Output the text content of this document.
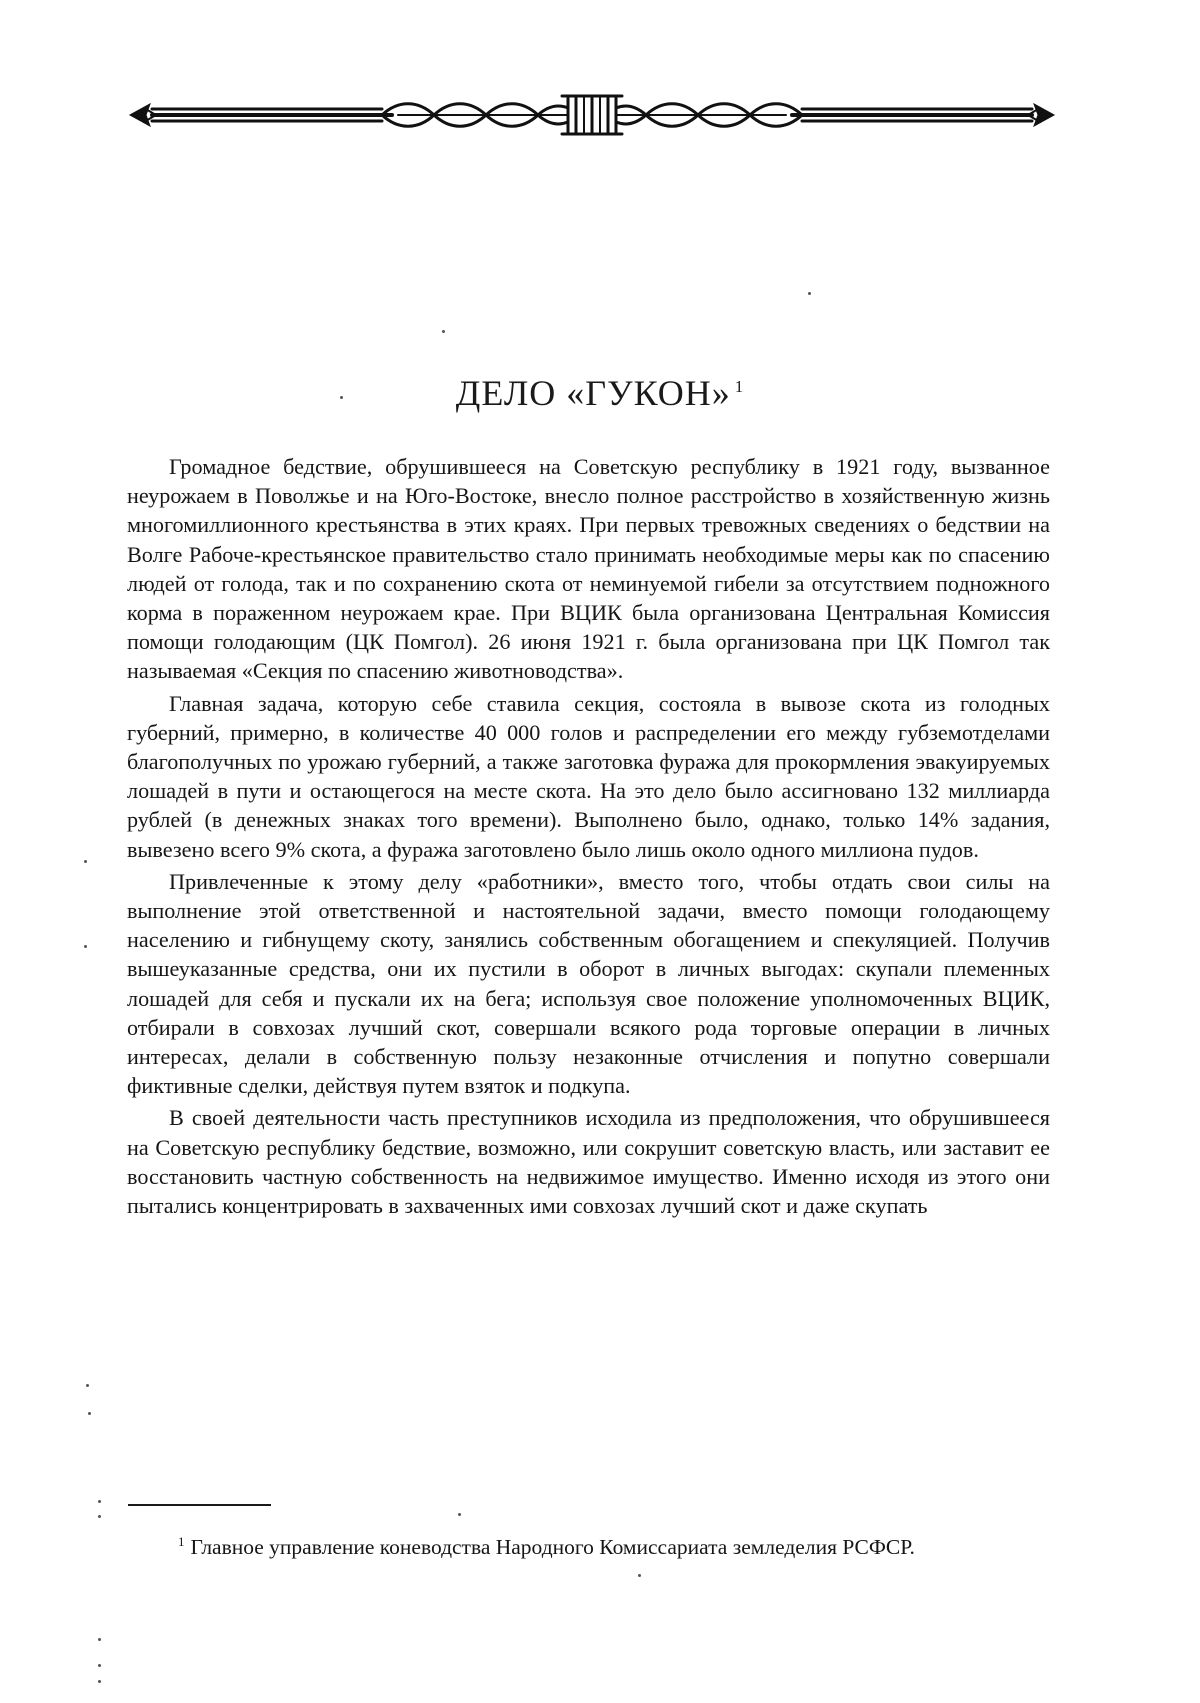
ДЕЛО «ГУКОН» $^1$

Громадное бедствие, обрушившееся на Советскую республику в 1921 году, вызванное неурожаем в Поволжье и на Юго-Востоке, внесло полное расстройство в хозяйственную жизнь многомиллионного крестьянства в этих краях. При первых тревожных сведениях о бедствии на Волге Рабоче-крестьянское правительство стало принимать необходимые меры как по спасению людей от голода, так и по сохранению скота от неминуемой гибели за отсутствием подножного корма в пораженном неурожаем крае. При ВЦИК была организована Центральная Комиссия помощи голодающим (ЦК Помгол). 26 июня 1921 г. была организована при ЦК Помгол так называемая «Секция по спасению животноводства».

Главная задача, которую себе ставила секция, состояла в вывозе скота из голодных губерний, примерно, в количестве 40 000 голов и распределении его между губземотделами благополучных по урожаю губерний, а также заготовка фуража для прокормления эвакуируемых лошадей в пути и остающегося на месте скота. На это дело было ассигновано 132 миллиарда рублей (в денежных знаках того времени). Выполнено было, однако, только 14% задания, вывезено всего 9% скота, а фуража заготовлено было лишь около одного миллиона пудов.

Привлеченные к этому делу «работники», вместо того, чтобы отдать свои силы на выполнение этой ответственной и настоятельной задачи, вместо помощи голодающему населению и гибнущему скоту, занялись собственным обогащением и спекуляцией. Получив вышеуказанные средства, они их пустили в оборот в личных выгодах: скупали племенных лошадей для себя и пускали их на бега; используя свое положение уполномоченных ВЦИК, отбирали в совхозах лучший скот, совершали всякого рода торговые операции в личных интересах, делали в собственную пользу незаконные отчисления и попутно совершали фиктивные сделки, действуя путем взяток и подкупа.

В своей деятельности часть преступников исходила из предположения, что обрушившееся на Советскую республику бедствие, возможно, или сокрушит советскую власть, или заставит ее восстановить частную собственность на недвижимое имущество. Именно исходя из этого они пытались концентрировать в захваченных ими совхозах лучший скот и даже скупать

$^1$ Главное управление коневодства Народного Комиссариата земледелия РСФСР.
